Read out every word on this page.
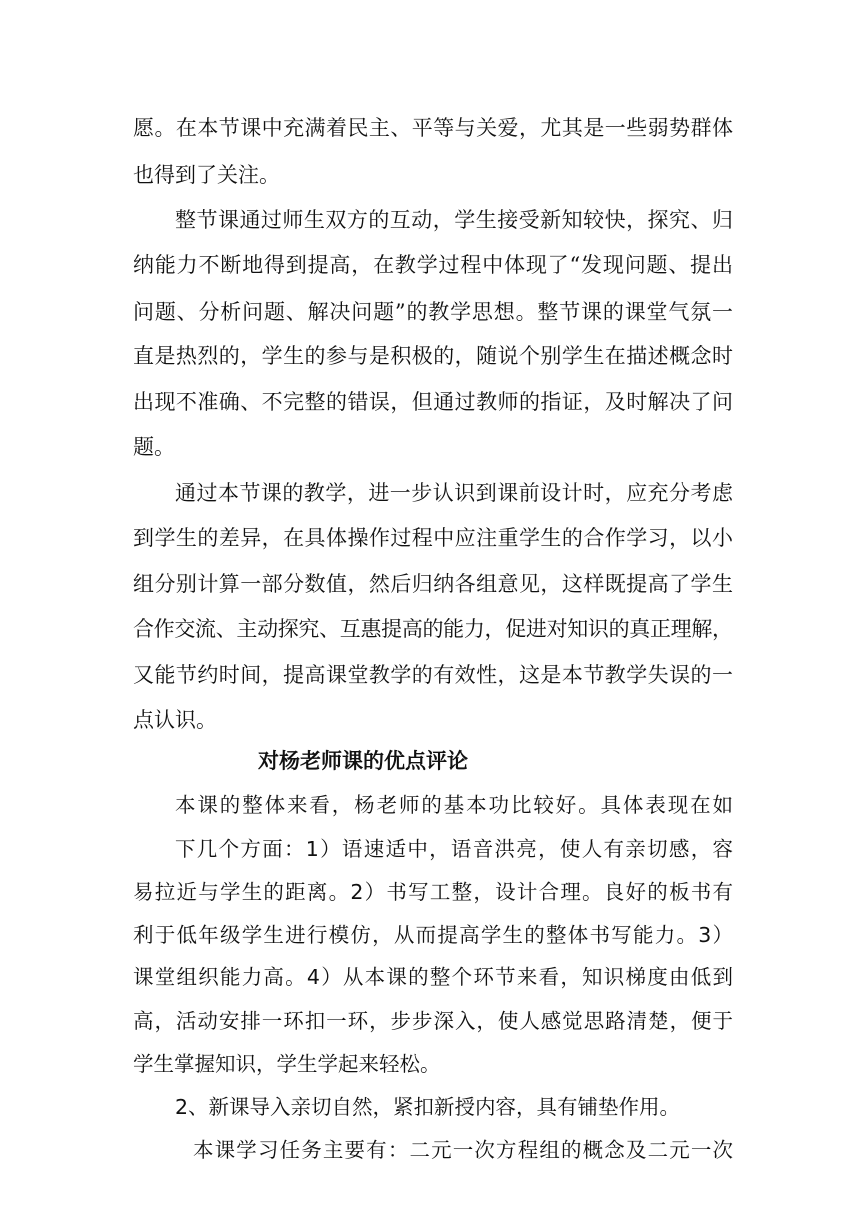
愿。在本节课中充满着民主、平等与关爱，尤其是一些弱势群体
也得到了关注。
整节课通过师生双方的互动，学生接受新知较快，探究、归
纳能力不断地得到提高，在教学过程中体现了“发现问题、提出
问题、分析问题、解决问题”的教学思想。整节课的课堂气氛一
直是热烈的，学生的参与是积极的，随说个别学生在描述概念时
出现不准确、不完整的错误，但通过教师的指证，及时解决了问
题。
通过本节课的教学，进一步认识到课前设计时，应充分考虑
到学生的差异，在具体操作过程中应注重学生的合作学习，以小
组分别计算一部分数值，然后归纳各组意见，这样既提高了学生
合作交流、主动探究、互惠提高的能力，促进对知识的真正理解，
又能节约时间，提高课堂教学的有效性，这是本节教学失误的一
点认识。
对杨老师课的优点评论
本课的整体来看，杨老师的基本功比较好。具体表现在如
下几个方面：1）语速适中，语音洪亮，使人有亲切感，容
易拉近与学生的距离。2）书写工整，设计合理。良好的板书有
利于低年级学生进行模仿，从而提高学生的整体书写能力。3）
课堂组织能力高。4）从本课的整个环节来看，知识梯度由低到
高，活动安排一环扣一环，步步深入，使人感觉思路清楚，便于
学生掌握知识，学生学起来轻松。
2、新课导入亲切自然，紧扣新授内容，具有铺垫作用。
本课学习任务主要有：二元一次方程组的概念及二元一次
